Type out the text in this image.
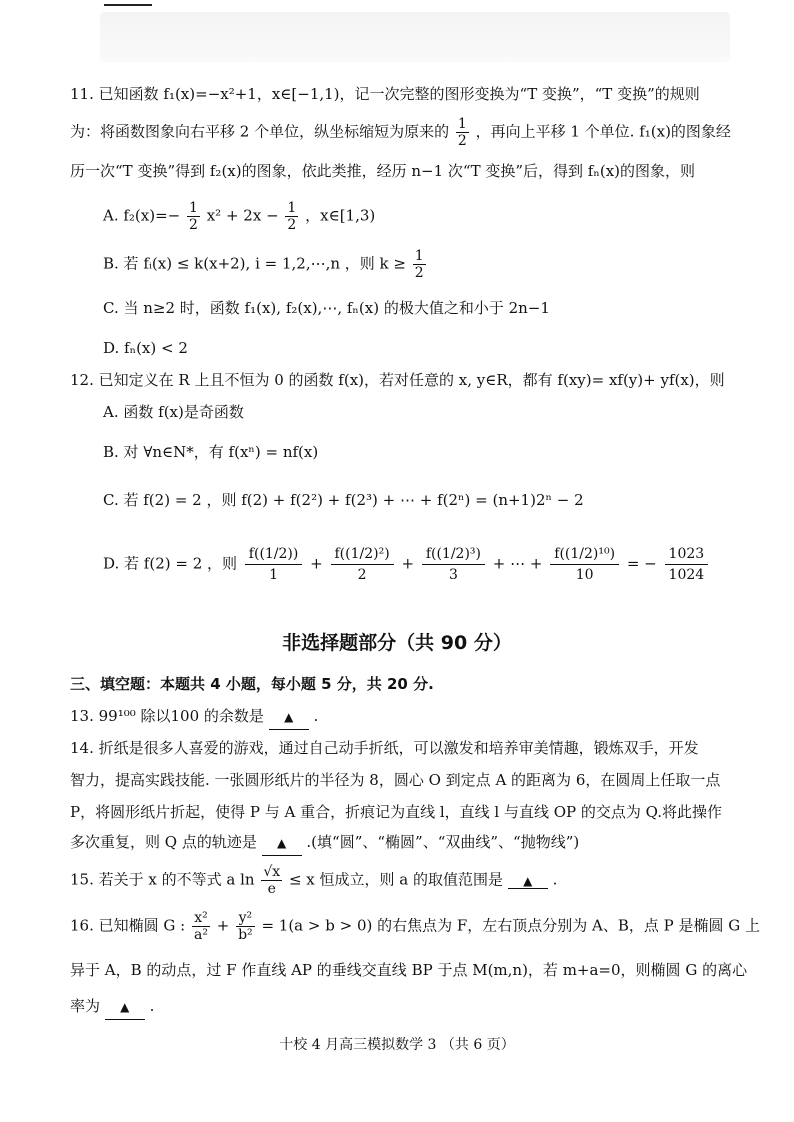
11. 已知函数 f₁(x)=−x²+1，x∈[−1,1)，记一次完整的图形变换为“T 变换”，“T 变换”的规则
为：将函数图象向右平移 2 个单位，纵坐标缩短为原来的 $\frac{1}{2}$ ，再向上平移 1 个单位. f₁(x)的图象经
历一次“T 变换”得到 f₂(x)的图象，依此类推，经历 n−1 次“T 变换”后，得到 fₙ(x)的图象，则
A. $f_2(x)=- \frac{1}{2} x^2 + 2x - \frac{1}{2}$ ，x∈[1,3)
B. 若 fᵢ(x) ≤ k(x+2), i = 1,2,⋯,n ，则 $k \ge \frac{1}{2}$
C. 当 n≥2 时，函数 f₁(x), f₂(x),⋯, fₙ(x) 的极大值之和小于 2n−1
D. fₙ(x) < 2
12. 已知定义在 R 上且不恒为 0 的函数 f(x)，若对任意的 x, y∈R，都有 f(xy)= xf(y)+ yf(x)，则
A. 函数 f(x)是奇函数
B. 对 ∀n∈N*，有 f(xⁿ) = nf(x)
C. 若 f(2) = 2 ，则 f(2) + f(2²) + f(2³) + ⋯ + f(2ⁿ) = (n+1)2ⁿ − 2
D. 若 f(2) = 2 ，则 $\frac{f((1/2))}{1} + \frac{\text{f((1/2)²)}}{2} + \frac{\text{f((1/2)³)}}{3}$ + ⋯ + $\frac{\text{f((1/2)¹⁰)}}{10}$ = − $\frac{1023}{1024}$
非选择题部分（共 90 分）
三、填空题：本题共 4 小题，每小题 5 分，共 20 分.
13. 99¹⁰⁰ 除以100 的余数是 ▲ .
14. 折纸是很多人喜爱的游戏，通过自己动手折纸，可以激发和培养审美情趣，锻炼双手，开发
智力，提高实践技能. 一张圆形纸片的半径为 8，圆心 O 到定点 A 的距离为 6，在圆周上任取一点
P，将圆形纸片折起，使得 P 与 A 重合，折痕记为直线 l，直线 l 与直线 OP 的交点为 Q.将此操作
多次重复，则 Q 点的轨迹是 ▲ .(填“圆”、“椭圆”、“双曲线”、“抛物线”)
15. 若关于 x 的不等式 a $\ln \frac{√x}{e} \le x$ 恒成立，则 a 的取值范围是 ▲ .
16. 已知椭圆 G : $\frac{\text{x²}}{\text{a²}} + \frac{\text{y²}}{\text{b²}} = 1(a > b > 0)$ 的右焦点为 F，左右顶点分别为 A、B，点 P 是椭圆 G 上
异于 A，B 的动点，过 F 作直线 AP 的垂线交直线 BP 于点 M(m,n)，若 m+a=0，则椭圆 G 的离心
率为 ▲ .
十校 4 月高三模拟数学 3 （共 6 页）
